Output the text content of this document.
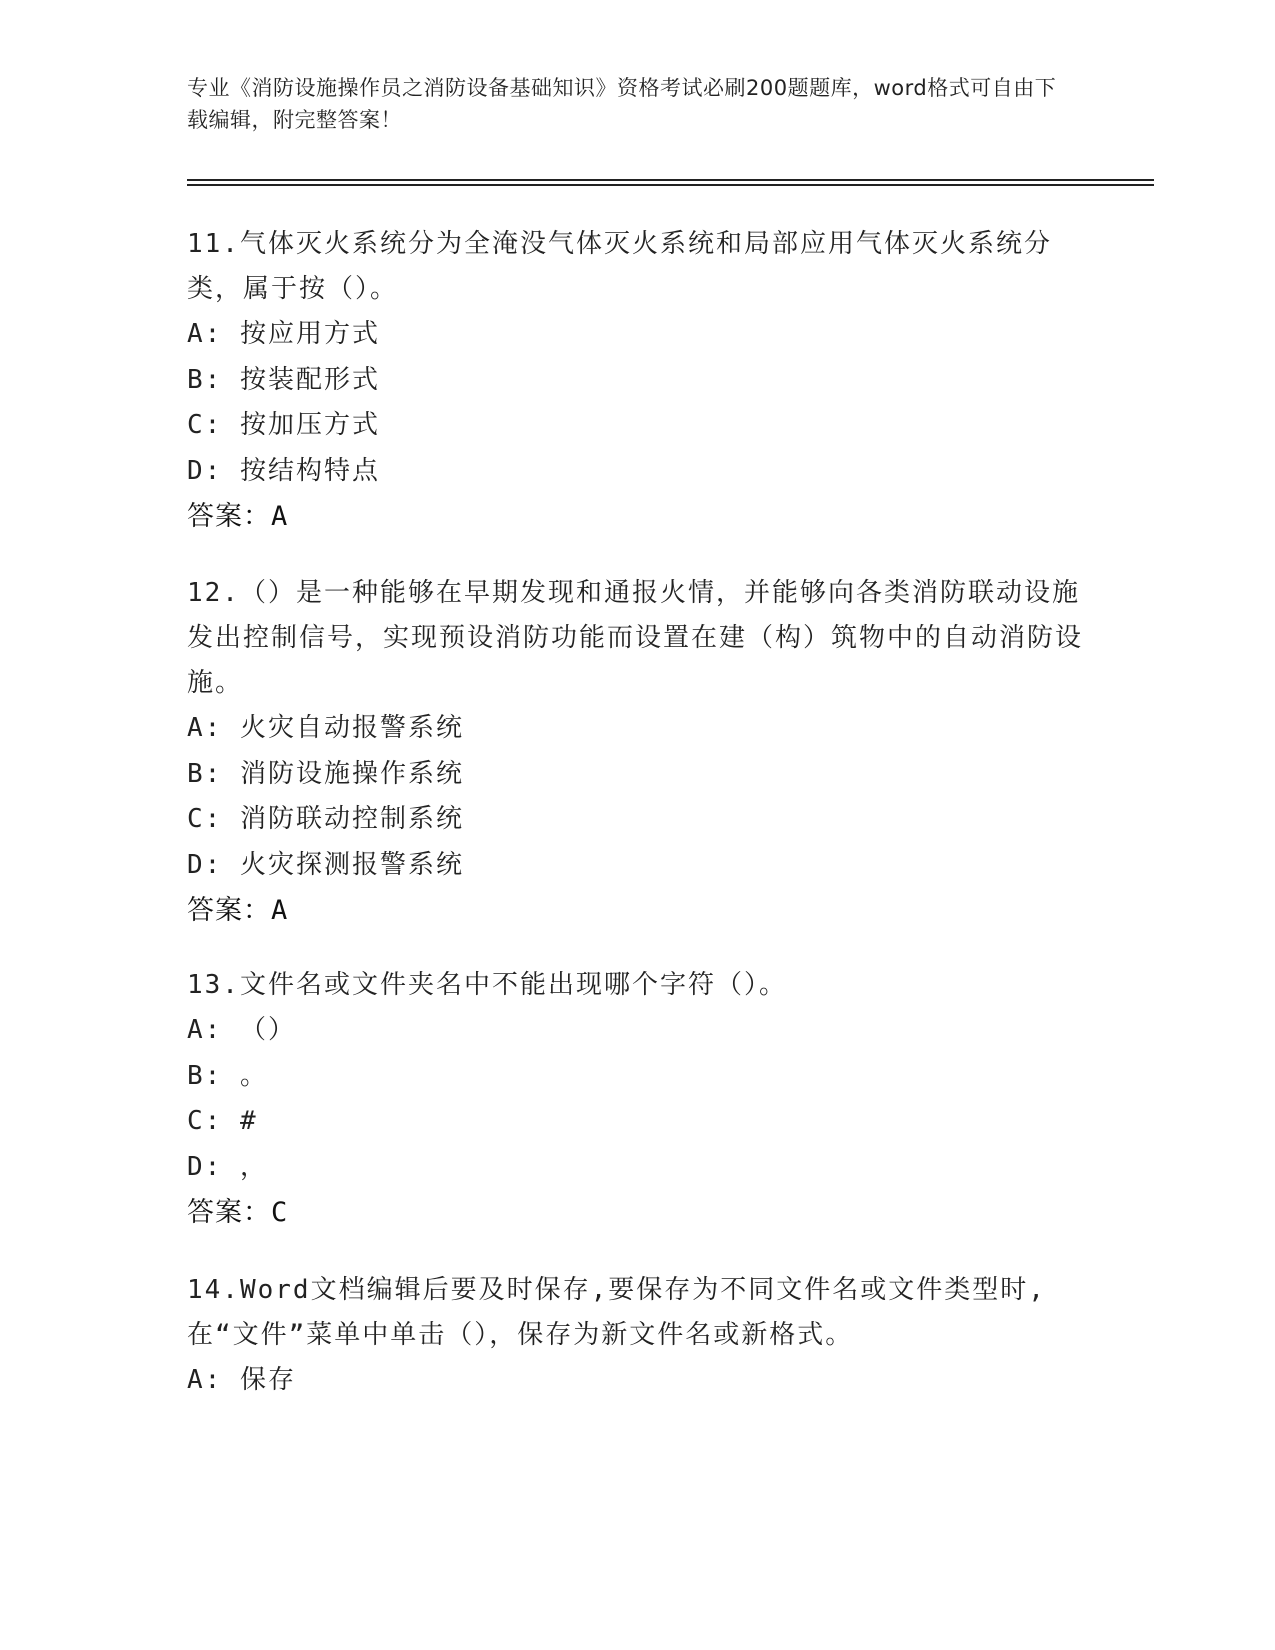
专业《消防设施操作员之消防设备基础知识》资格考试必刷200题题库，word格式可自由下载编辑，附完整答案！

11.气体灭火系统分为全淹没气体灭火系统和局部应用气体灭火系统分类，属于按（）。

A: 按应用方式

B: 按装配形式

C: 按加压方式

D: 按结构特点

答案：A

12.（）是一种能够在早期发现和通报火情，并能够向各类消防联动设施发出控制信号，实现预设消防功能而设置在建（构）筑物中的自动消防设施。

A: 火灾自动报警系统

B: 消防设施操作系统

C: 消防联动控制系统

D: 火灾探测报警系统

答案：A

13.文件名或文件夹名中不能出现哪个字符（）。

A: （）

B: 。

C: #

D: ，

答案：C

14.Word文档编辑后要及时保存,要保存为不同文件名或文件类型时,在“文件”菜单中单击（），保存为新文件名或新格式。

A: 保存
